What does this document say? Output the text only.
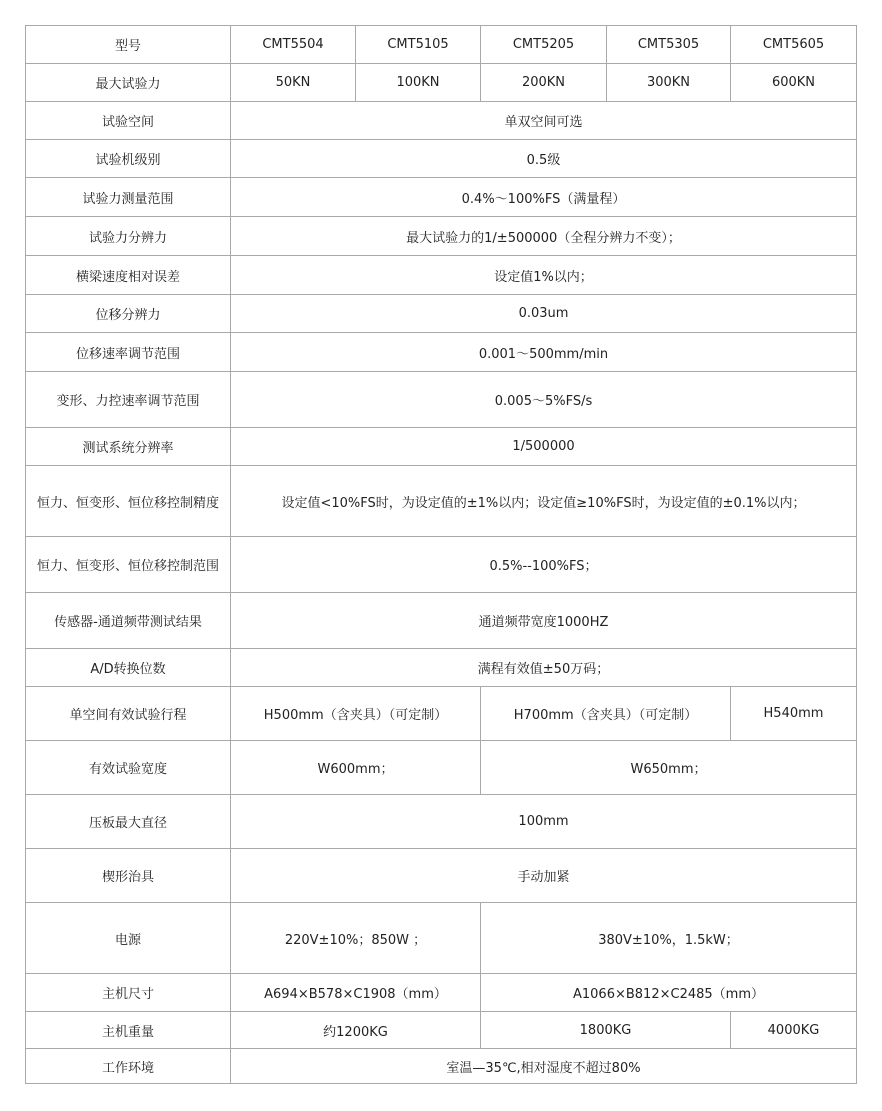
型号	CMT5504	CMT5105	CMT5205	CMT5305	CMT5605
最大试验力	50KN	100KN	200KN	300KN	600KN
试验空间	单双空间可选				
试验机级别	0.5级				
试验力测量范围	0.4%～100%FS（满量程）				
试验力分辨力	最大试验力的1/±500000（全程分辨力不变）；				
横梁速度相对误差	设定值1%以内；				
位移分辨力	0.03um				
位移速率调节范围	0.001～500mm/min				
变形、力控速率调节范围	0.005～5%FS/s				
测试系统分辨率	1/500000				
恒力、恒变形、恒位移控制精度	设定值<10%FS时，为设定值的±1%以内；设定值≥10%FS时，为设定值的±0.1%以内；				
恒力、恒变形、恒位移控制范围	0.5%--100%FS；				
传感器-通道频带测试结果	通道频带宽度1000HZ				
A/D转换位数	满程有效值±50万码；				
单空间有效试验行程	H500mm（含夹具）（可定制）		H700mm（含夹具）（可定制）		H540mm
有效试验宽度	W600mm；		W650mm；		
压板最大直径	100mm				
楔形治具	手动加紧				
电源	220V±10%；850W ；		380V±10%，1.5kW；		
主机尺寸	A694×B578×C1908（mm）		A1066×B812×C2485（mm）		
主机重量	约1200KG		1800KG		4000KG
工作环境	室温—35℃,相对湿度不超过80%				
